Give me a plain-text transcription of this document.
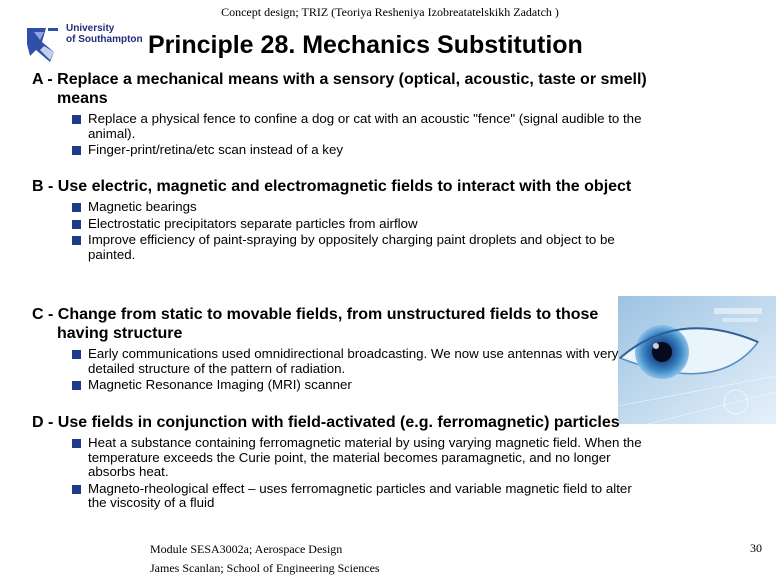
Concept design; TRIZ (Teoriya Resheniya Izobreatatelskikh Zadatch )
University
of Southampton Principle 28. Mechanics Substitution
A - Replace a mechanical means with a sensory (optical, acoustic, taste or smell) means
Replace a physical fence to confine a dog or cat with an acoustic "fence" (signal audible to the animal).
Finger-print/retina/etc scan instead of a key
B - Use electric, magnetic and electromagnetic fields to interact with the object
Magnetic bearings
Electrostatic precipitators separate particles from airflow
Improve efficiency of paint-spraying by oppositely charging paint droplets and object to be painted.
C - Change from static to movable fields, from unstructured fields to those having structure
Early communications used omnidirectional broadcasting. We now use antennas with very detailed structure of the pattern of radiation.
Magnetic Resonance Imaging (MRI) scanner
D - Use fields in conjunction with field-activated (e.g. ferromagnetic) particles
Heat a substance containing ferromagnetic material by using varying magnetic field. When the temperature exceeds the Curie point, the material becomes paramagnetic, and no longer absorbs heat.
Magneto-rheological effect – uses ferromagnetic particles and variable magnetic field to alter the viscosity of a fluid
Module SESA3002a; Aerospace Design
James Scanlan; School of Engineering Sciences
30
